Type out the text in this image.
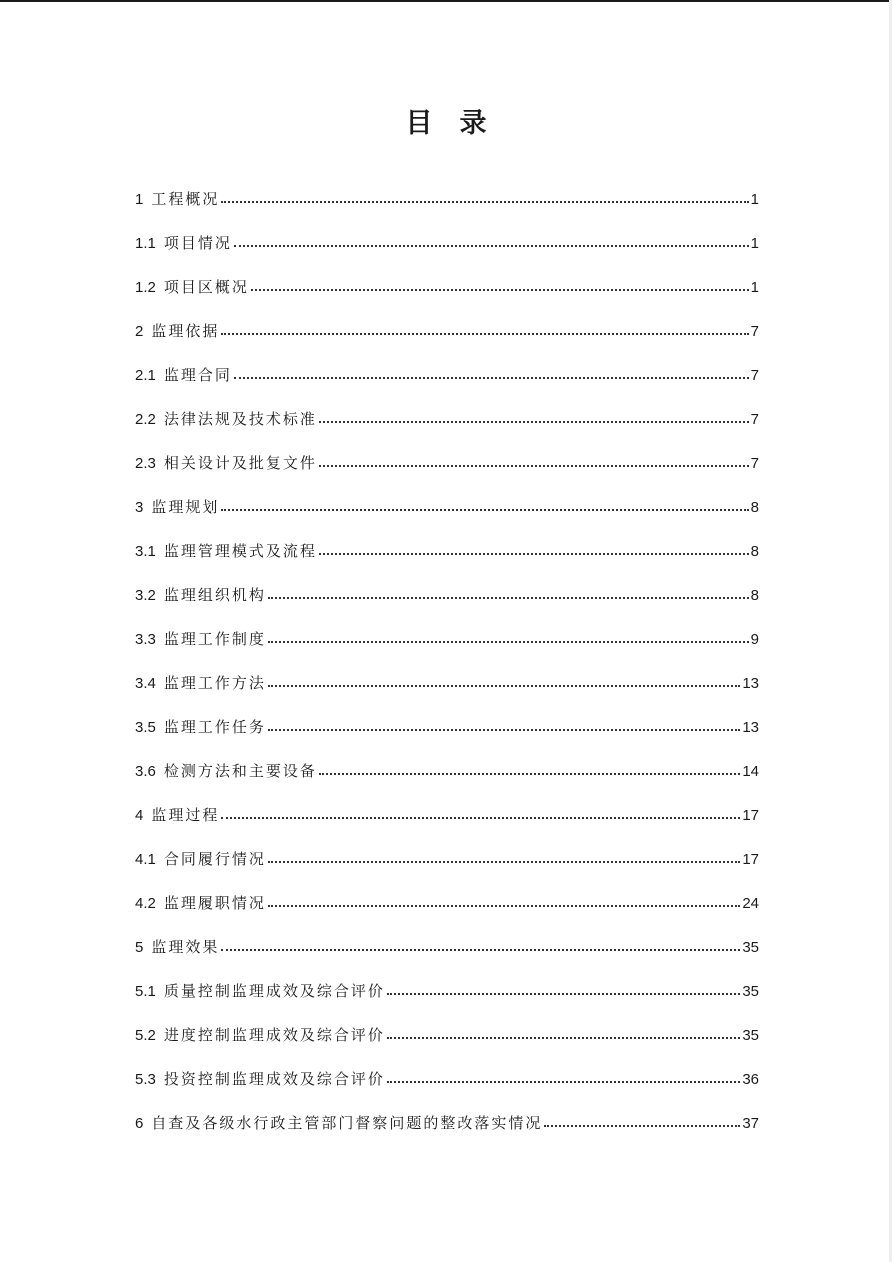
目　录
1 工程概况	1
1.1 项目情况	1
1.2 项目区概况	1
2 监理依据	7
2.1 监理合同	7
2.2 法律法规及技术标准	7
2.3 相关设计及批复文件	7
3 监理规划	8
3.1 监理管理模式及流程	8
3.2 监理组织机构	8
3.3 监理工作制度	9
3.4 监理工作方法	13
3.5 监理工作任务	13
3.6 检测方法和主要设备	14
4 监理过程	17
4.1 合同履行情况	17
4.2 监理履职情况	24
5 监理效果	35
5.1 质量控制监理成效及综合评价	35
5.2 进度控制监理成效及综合评价	35
5.3 投资控制监理成效及综合评价	36
6 自查及各级水行政主管部门督察问题的整改落实情况	37
